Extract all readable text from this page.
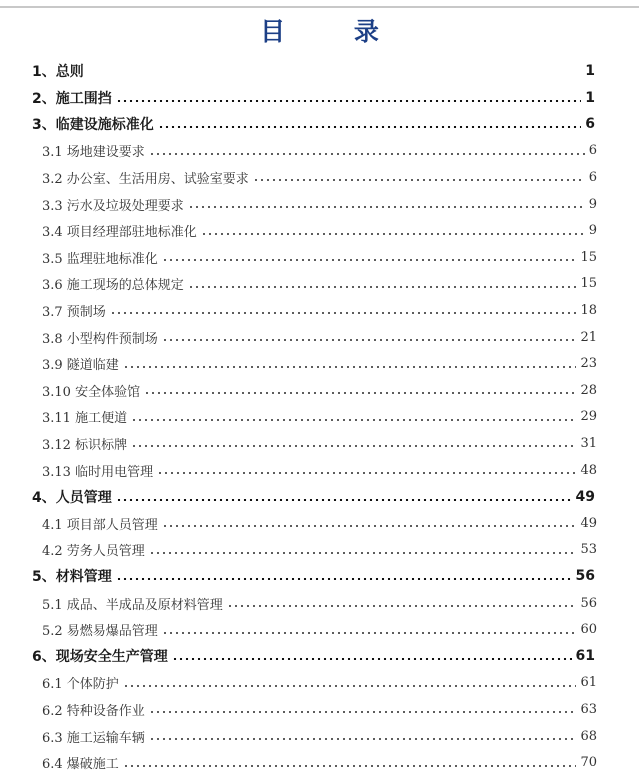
目 录
1、总则	1
2、施工围挡	1
3、临建设施标准化	6
3.1 场地建设要求	6
3.2 办公室、生活用房、试验室要求	6
3.3 污水及垃圾处理要求	9
3.4 项目经理部驻地标准化	9
3.5 监理驻地标准化	15
3.6 施工现场的总体规定	15
3.7 预制场	18
3.8 小型构件预制场	21
3.9 隧道临建	23
3.10 安全体验馆	28
3.11 施工便道	29
3.12 标识标牌	31
3.13 临时用电管理	48
4、人员管理	49
4.1 项目部人员管理	49
4.2 劳务人员管理	53
5、材料管理	56
5.1 成品、半成品及原材料管理	56
5.2 易燃易爆品管理	60
6、现场安全生产管理	61
6.1 个体防护	61
6.2 特种设备作业	63
6.3 施工运输车辆	68
6.4 爆破施工	70
